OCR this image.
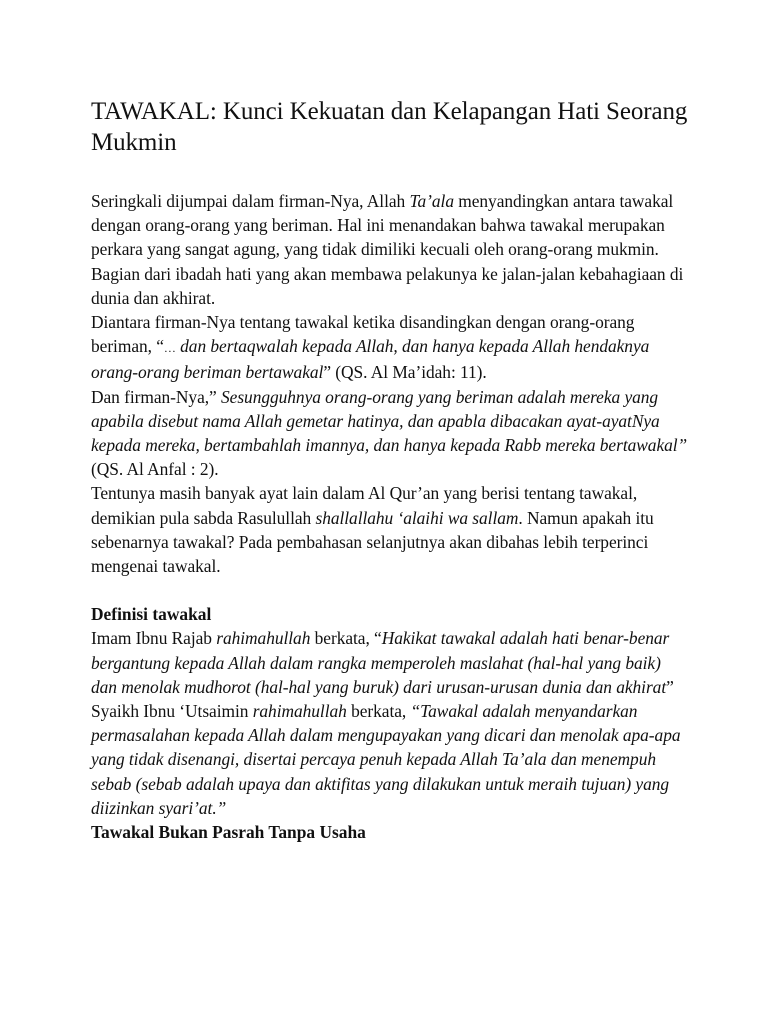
TAWAKAL: Kunci Kekuatan dan Kelapangan Hati Seorang Mukmin

Seringkali dijumpai dalam firman-Nya, Allah Ta’ala menyandingkan antara tawakal dengan orang-orang yang beriman. Hal ini menandakan bahwa tawakal merupakan perkara yang sangat agung, yang tidak dimiliki kecuali oleh orang-orang mukmin. Bagian dari ibadah hati yang akan membawa pelakunya ke jalan-jalan kebahagiaan di dunia dan akhirat.

Diantara firman-Nya tentang tawakal ketika disandingkan dengan orang-orang beriman, “… dan bertaqwalah kepada Allah, dan hanya kepada Allah hendaknya orang-orang beriman bertawakal” (QS. Al Ma’idah: 11).

Dan firman-Nya,” Sesungguhnya orang-orang yang beriman adalah mereka yang apabila disebut nama Allah gemetar hatinya, dan apabla dibacakan ayat-ayatNya kepada mereka, bertambahlah imannya, dan hanya kepada Rabb mereka bertawakal” (QS. Al Anfal : 2).

Tentunya masih banyak ayat lain dalam Al Qur’an yang berisi tentang tawakal, demikian pula sabda Rasulullah shallallahu ‘alaihi wa sallam. Namun apakah itu sebenarnya tawakal? Pada pembahasan selanjutnya akan dibahas lebih terperinci mengenai tawakal.

Definisi tawakal

Imam Ibnu Rajab rahimahullah berkata, “Hakikat tawakal adalah hati benar-benar bergantung kepada Allah dalam rangka memperoleh maslahat (hal-hal yang baik) dan menolak mudhorot (hal-hal yang buruk) dari urusan-urusan dunia dan akhirat”

Syaikh Ibnu ‘Utsaimin rahimahullah berkata, “Tawakal adalah menyandarkan permasalahan kepada Allah dalam mengupayakan yang dicari dan menolak apa-apa yang tidak disenangi, disertai percaya penuh kepada Allah Ta’ala dan menempuh sebab (sebab adalah upaya dan aktifitas yang dilakukan untuk meraih tujuan) yang diizinkan syari’at.”

Tawakal Bukan Pasrah Tanpa Usaha
